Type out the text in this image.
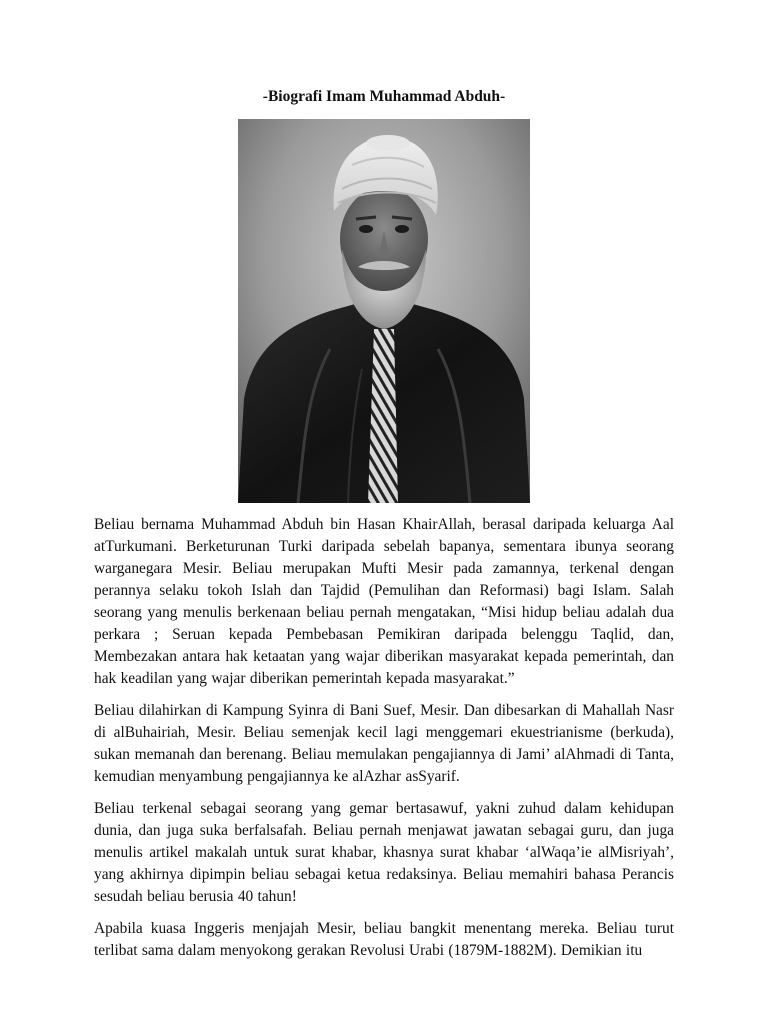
-Biografi Imam Muhammad Abduh-

Beliau bernama Muhammad Abduh bin Hasan KhairAllah, berasal daripada keluarga Aal atTurkumani. Berketurunan Turki daripada sebelah bapanya, sementara ibunya seorang warganegara Mesir. Beliau merupakan Mufti Mesir pada zamannya, terkenal dengan perannya selaku tokoh Islah dan Tajdid (Pemulihan dan Reformasi) bagi Islam. Salah seorang yang menulis berkenaan beliau pernah mengatakan, “Misi hidup beliau adalah dua perkara ; Seruan kepada Pembebasan Pemikiran daripada belenggu Taqlid, dan, Membezakan antara hak ketaatan yang wajar diberikan masyarakat kepada pemerintah, dan hak keadilan yang wajar diberikan pemerintah kepada masyarakat.”

Beliau dilahirkan di Kampung Syinra di Bani Suef, Mesir. Dan dibesarkan di Mahallah Nasr di alBuhairiah, Mesir. Beliau semenjak kecil lagi menggemari ekuestrianisme (berkuda), sukan memanah dan berenang. Beliau memulakan pengajiannya di Jami’ alAhmadi di Tanta, kemudian menyambung pengajiannya ke alAzhar asSyarif.

Beliau terkenal sebagai seorang yang gemar bertasawuf, yakni zuhud dalam kehidupan dunia, dan juga suka berfalsafah. Beliau pernah menjawat jawatan sebagai guru, dan juga menulis artikel makalah untuk surat khabar, khasnya surat khabar ‘alWaqa’ie alMisriyah’, yang akhirnya dipimpin beliau sebagai ketua redaksinya. Beliau memahiri bahasa Perancis sesudah beliau berusia 40 tahun!

Apabila kuasa Inggeris menjajah Mesir, beliau bangkit menentang mereka. Beliau turut terlibat sama dalam menyokong gerakan Revolusi Urabi (1879M-1882M). Demikian itu
